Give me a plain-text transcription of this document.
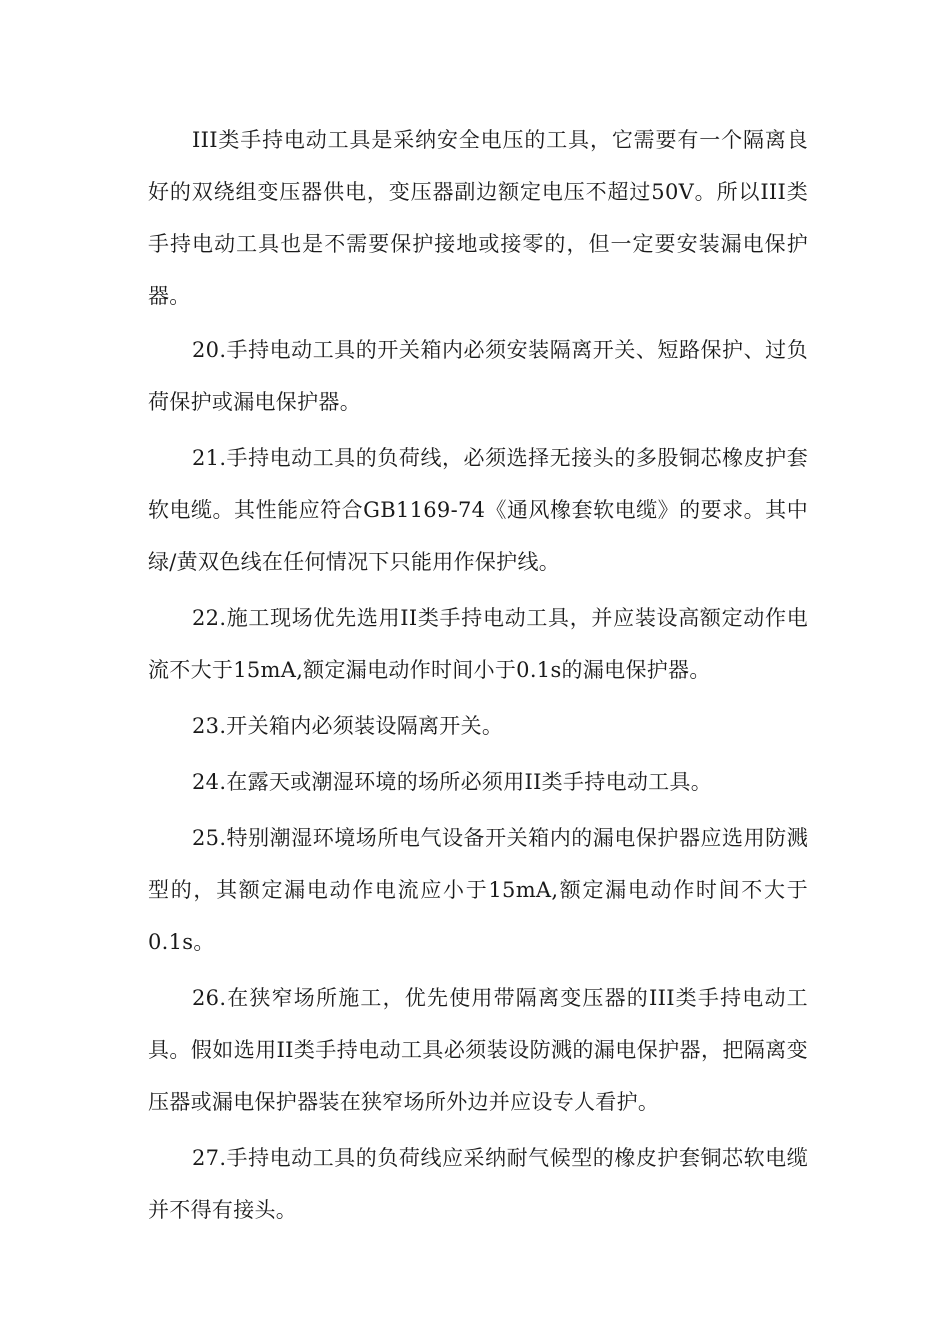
III类手持电动工具是采纳安全电压的工具，它需要有一个隔离良好的双绕组变压器供电，变压器副边额定电压不超过50V。所以III类手持电动工具也是不需要保护接地或接零的，但一定要安装漏电保护器。

20.手持电动工具的开关箱内必须安装隔离开关、短路保护、过负荷保护或漏电保护器。

21.手持电动工具的负荷线，必须选择无接头的多股铜芯橡皮护套软电缆。其性能应符合GB1169-74《通风橡套软电缆》的要求。其中绿/黄双色线在任何情况下只能用作保护线。

22.施工现场优先选用II类手持电动工具，并应装设高额定动作电流不大于15mA,额定漏电动作时间小于0.1s的漏电保护器。

23.开关箱内必须装设隔离开关。

24.在露天或潮湿环境的场所必须用II类手持电动工具。

25.特别潮湿环境场所电气设备开关箱内的漏电保护器应选用防溅型的，其额定漏电动作电流应小于15mA,额定漏电动作时间不大于0.1s。

26.在狭窄场所施工，优先使用带隔离变压器的III类手持电动工具。假如选用II类手持电动工具必须装设防溅的漏电保护器，把隔离变压器或漏电保护器装在狭窄场所外边并应设专人看护。

27.手持电动工具的负荷线应采纳耐气候型的橡皮护套铜芯软电缆并不得有接头。
